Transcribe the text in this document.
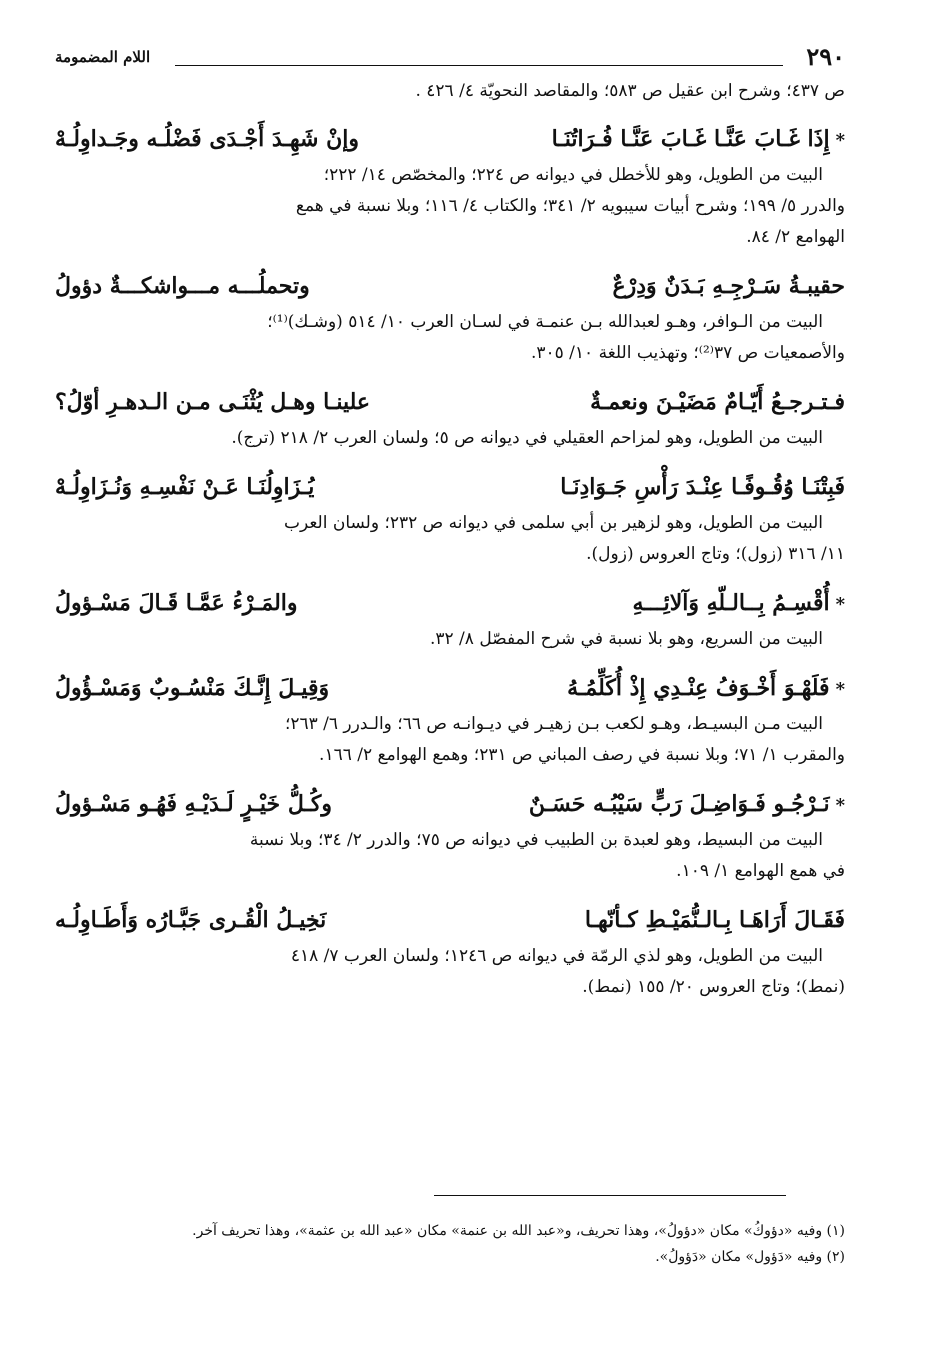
٢٩٠
اللام المضمومة

ص ٤٣٧؛ وشرح ابن عقيل ص ٥٨٣؛ والمقاصد النحويّة ٤/ ٤٢٦ .

*
إِذَا غَـابَ عَنَّـا غَـابَ عَنَّـا فُـرَاتُنَـا
وإنْ شَهِـدَ أَجْـدَى فَضْلُـه وجَـداوِلُـهْ

البيت من الطويل، وهو للأخطل في ديوانه ص ٢٢٤؛ والمخصّص ١٤/ ٢٢٢؛
والدرر ٥/ ١٩٩؛ وشرح أبيات سيبويه ٢/ ٣٤١؛ والكتاب ٤/ ١١٦؛ وبلا نسبة في همع
الهوامع ٢/ ٨٤.

حقيبـةُ سَـرْجِـهِ بَـدَنٌ وَدِرْعٌ
وتحملُـــه مـــواشكـــةٌ دؤولُ

البيت من الـوافر، وهـو لعبدالله بـن عنمـة في لسـان العرب ١٠/ ٥١٤ (وشـك)⁽¹⁾؛
والأصمعيات ص ٣٧⁽²⁾؛ وتهذيب اللغة ١٠/ ٣٠٥.

فـتـرجـعُ أَيّـامٌ مَضَيْـنَ ونعمـةٌ
علينـا وهـل يُثْنَـى مـن الـدهـرِ أوّلُ؟

البيت من الطويل، وهو لمزاحم العقيلي في ديوانه ص ٥؛ ولسان العرب ٢/ ٢١٨ (ترج).

فَبِتْنَـا وُقُـوفًـا عِنْـدَ رَأْسِ جَـوَادِنَـا
يُـزَاوِلُنَـا عَـنْ نَفْسِـهِ وَنُـزَاوِلُـهْ

البيت من الطويل، وهو لزهير بن أبي سلمى في ديوانه ص ٢٣٢؛ ولسان العرب
١١/ ٣١٦ (زول)؛ وتاج العروس (زول).

*
أُقْسِـمُ بِــالـلّهِ وَآلائِـــهِ
والمَـرْءُ عَمَّـا قَـالَ مَسْـؤولُ

البيت من السريع، وهو بلا نسبة في شرح المفصّل ٨/ ٣٢.

*
فَلَهْـوَ أَخْـوَفُ عِنْـدِي إِذْ أُكَلِّمُـهُ
وَقِيـلَ إِنَّـكَ مَنْسُـوبٌ وَمَسْـؤُولُ

البيت مـن البسيـط، وهـو لكعب بـن زهيـر في ديـوانـه ص ٦٦؛ والـدرر ٦/ ٢٦٣؛
والمقرب ١/ ٧١؛ وبلا نسبة في رصف المباني ص ٢٣١؛ وهمع الهوامع ٢/ ١٦٦.

*
نَـرْجُـو فَـوَاضِـلَ رَبٍّ سَيْبُـه حَسَـنٌ
وكُـلُّ خَيْـرٍ لَـدَيْـهِ فَهُـو مَسْـؤولُ

البيت من البسيط، وهو لعبدة بن الطبيب في ديوانه ص ٧٥؛ والدرر ٢/ ٣٤؛ وبلا نسبة
في همع الهوامع ١/ ١٠٩.

فَقَـالَ أَرَاهَـا بِـالـنُّمَيْـطِ كـأنّهـا
نَخِيـلُ الْقُـرى جَبَّـارُه وَأَطَـاوِلُـه

البيت من الطويل، وهو لذي الرمّة في ديوانه ص ١٢٤٦؛ ولسان العرب ٧/ ٤١٨
(نمط)؛ وتاج العروس ٢٠/ ١٥٥ (نمط).

(١) وفيه «دؤوكُ» مكان «دؤولُ»، وهذا تحريف، و«عبد الله بن عنمة» مكان «عبد الله بن عثمة»، وهذا تحريف آخر.

(٢) وفيه «دَؤول» مكان «دَؤولُ».
